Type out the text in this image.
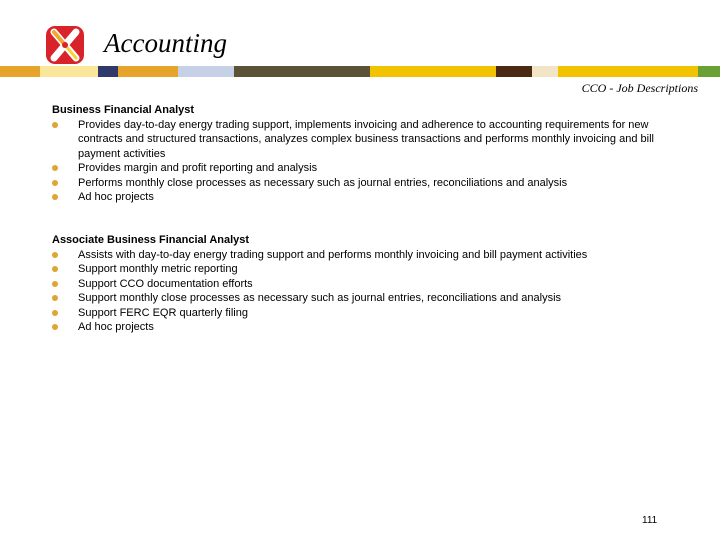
Accounting
CCO - Job Descriptions
Business Financial Analyst
Provides day-to-day energy trading support, implements invoicing and adherence to accounting requirements for new contracts and structured transactions, analyzes complex business transactions and performs monthly invoicing and bill payment activities
Provides margin and profit reporting and analysis
Performs monthly close processes as necessary such as journal entries, reconciliations and analysis
Ad hoc projects
Associate Business Financial Analyst
Assists with day-to-day energy trading support and performs monthly invoicing and bill payment activities
Support monthly metric reporting
Support CCO documentation efforts
Support monthly close processes as necessary such as journal entries, reconciliations and analysis
Support FERC EQR quarterly filing
Ad hoc projects
111
